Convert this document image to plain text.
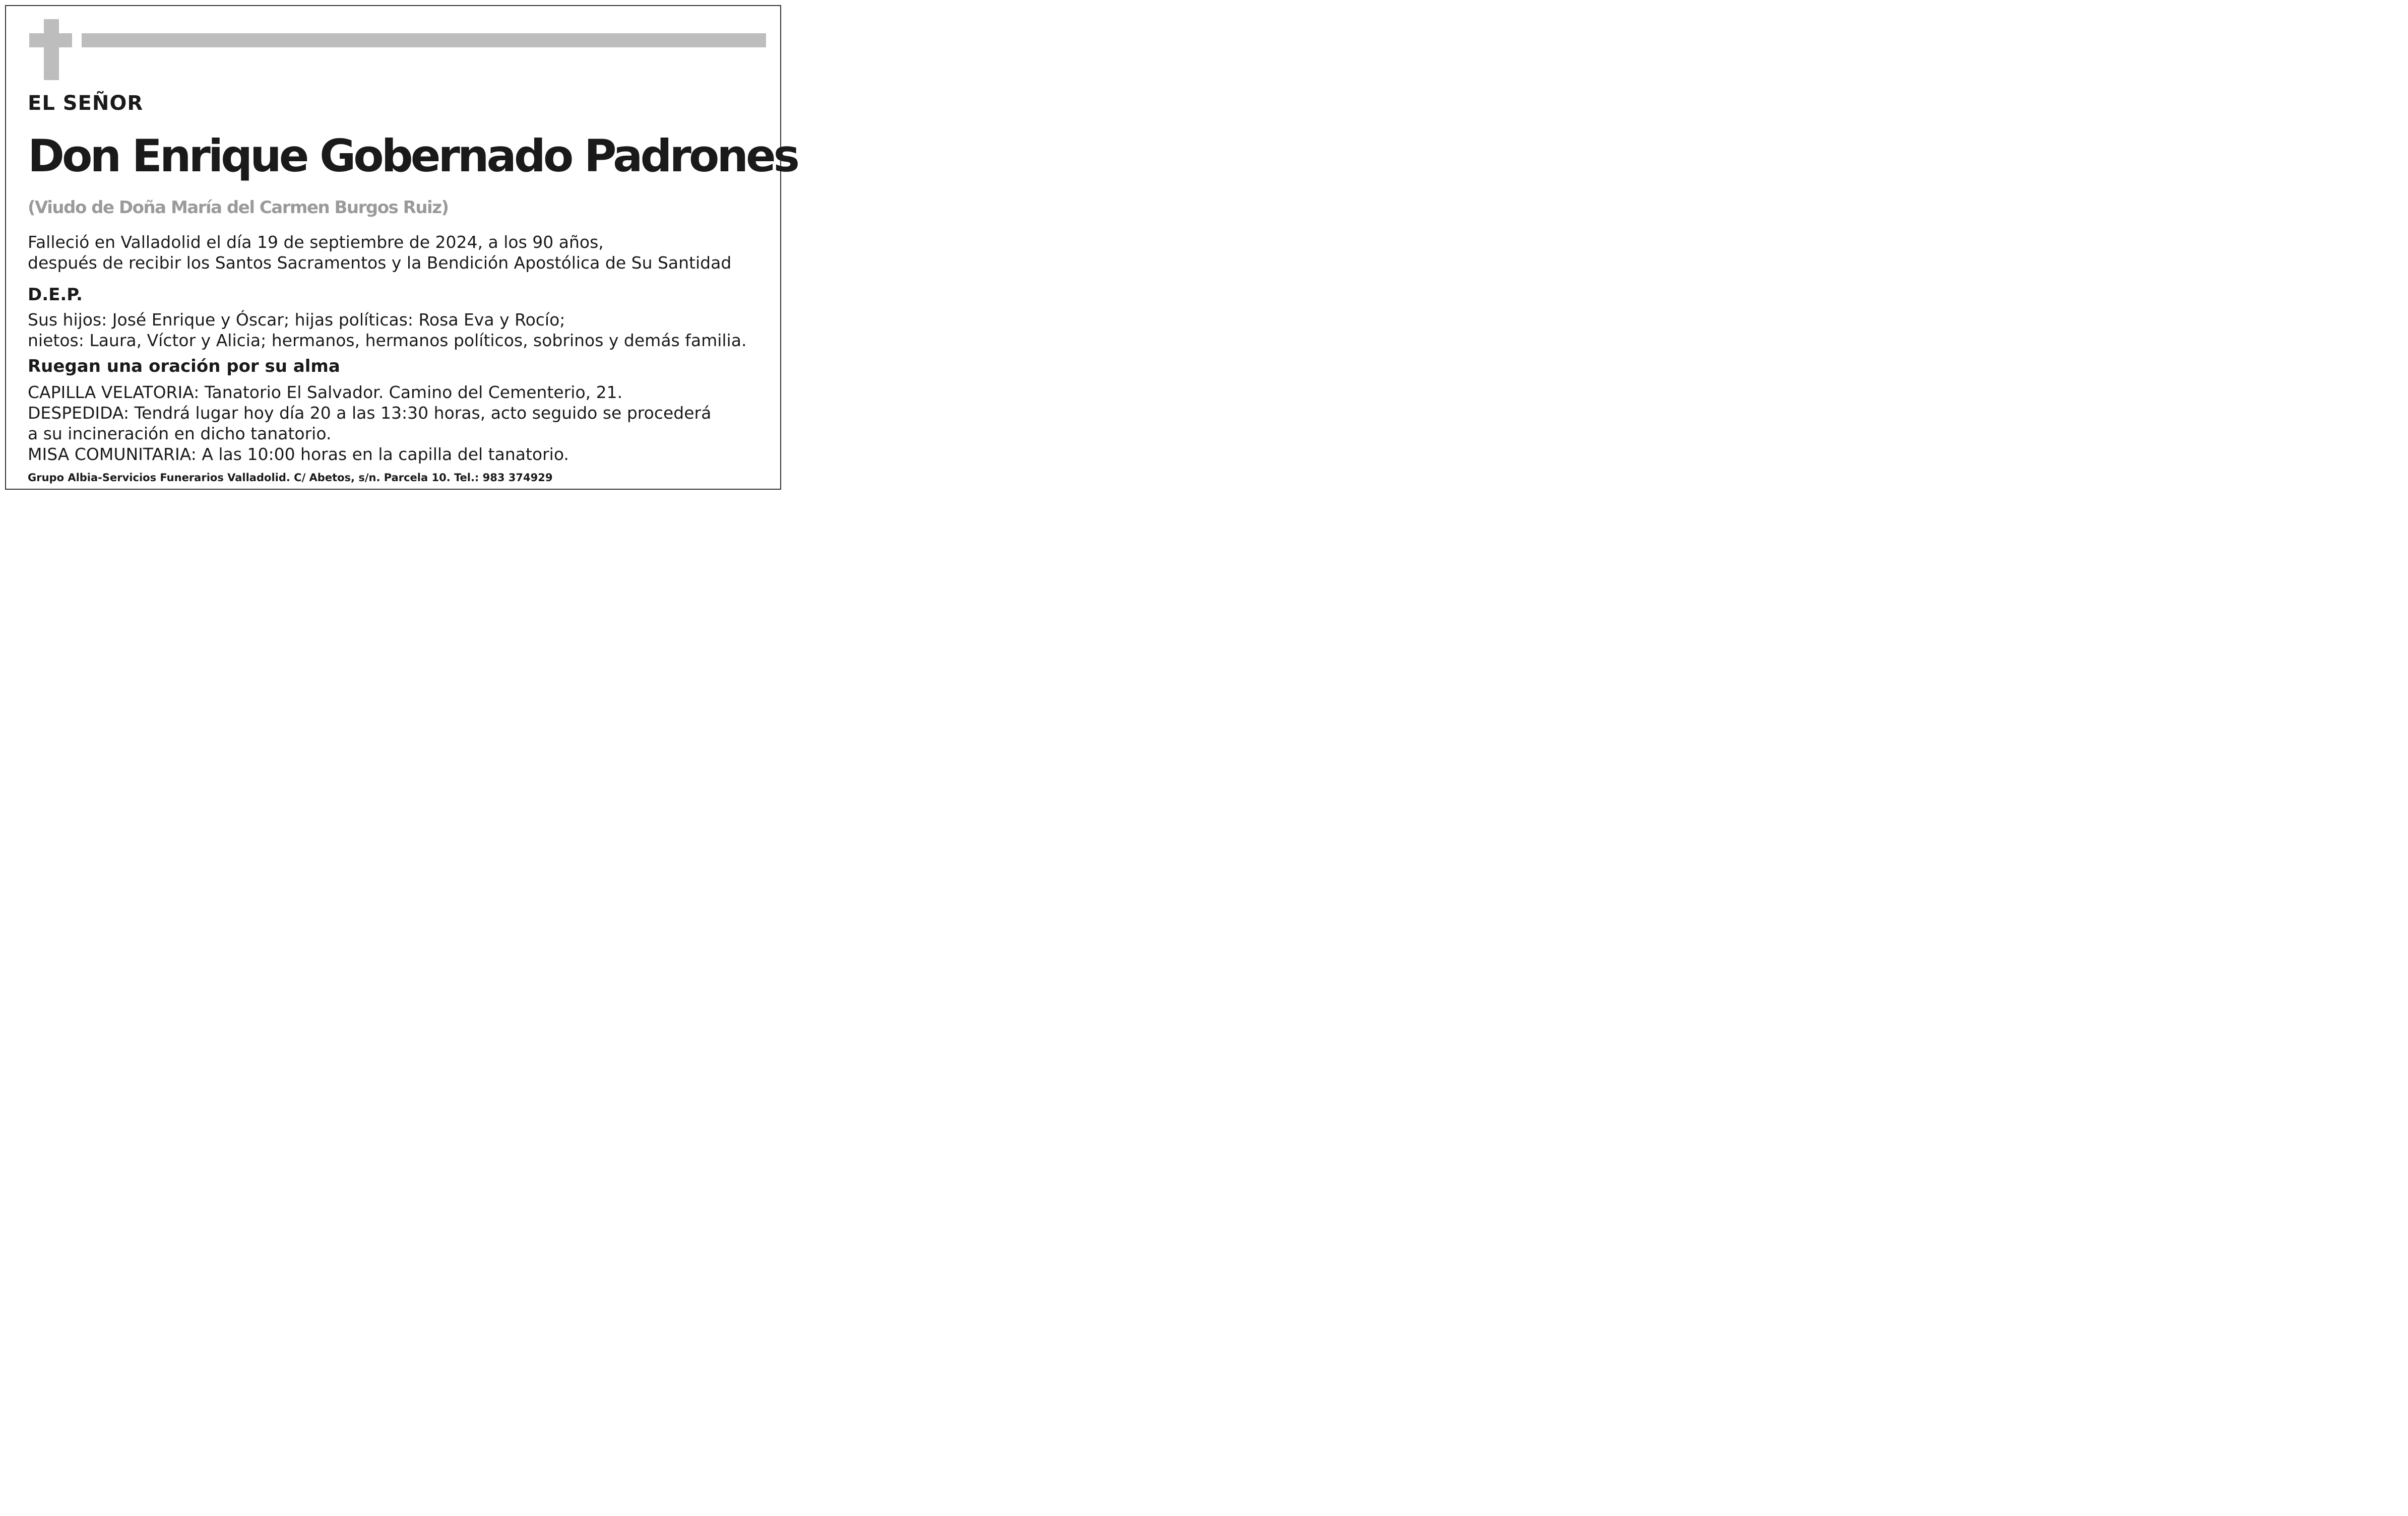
EL SEÑOR
Don Enrique Gobernado Padrones
(Viudo de Doña María del Carmen Burgos Ruiz)
Falleció en Valladolid el día 19 de septiembre de 2024, a los 90 años,
después de recibir los Santos Sacramentos y la Bendición Apostólica de Su Santidad
D.E.P.
Sus hijos: José Enrique y Óscar; hijas políticas: Rosa Eva y Rocío;
nietos: Laura, Víctor y Alicia; hermanos, hermanos políticos, sobrinos y demás familia.
Ruegan una oración por su alma
CAPILLA VELATORIA: Tanatorio El Salvador. Camino del Cementerio, 21.
DESPEDIDA: Tendrá lugar hoy día 20 a las 13:30 horas, acto seguido se procederá
a su incineración en dicho tanatorio.
MISA COMUNITARIA: A las 10:00 horas en la capilla del tanatorio.
Grupo Albia-Servicios Funerarios Valladolid. C/ Abetos, s/n. Parcela 10. Tel.: 983 374929
